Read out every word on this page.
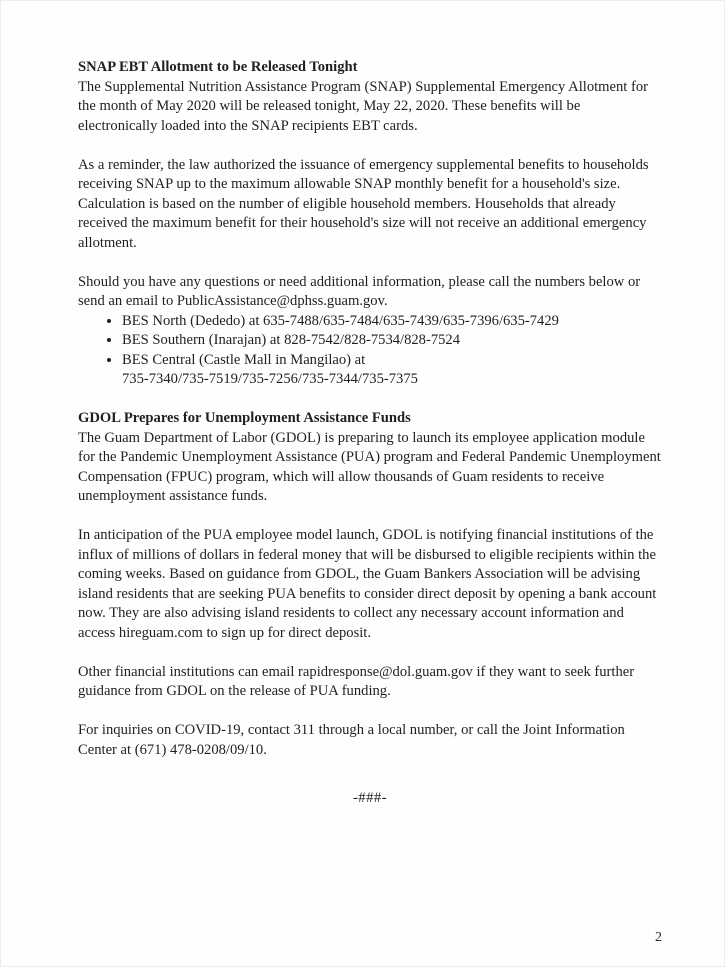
SNAP EBT Allotment to be Released Tonight

The Supplemental Nutrition Assistance Program (SNAP) Supplemental Emergency Allotment for the month of May 2020 will be released tonight, May 22, 2020. These benefits will be electronically loaded into the SNAP recipients EBT cards.

As a reminder, the law authorized the issuance of emergency supplemental benefits to households receiving SNAP up to the maximum allowable SNAP monthly benefit for a household's size. Calculation is based on the number of eligible household members. Households that already received the maximum benefit for their household's size will not receive an additional emergency allotment.

Should you have any questions or need additional information, please call the numbers below or send an email to PublicAssistance@dphss.guam.gov.

• BES North (Dededo) at 635-7488/635-7484/635-7439/635-7396/635-7429
• BES Southern (Inarajan) at 828-7542/828-7534/828-7524
• BES Central (Castle Mall in Mangilao) at
735-7340/735-7519/735-7256/735-7344/735-7375
GDOL Prepares for Unemployment Assistance Funds

The Guam Department of Labor (GDOL) is preparing to launch its employee application module for the Pandemic Unemployment Assistance (PUA) program and Federal Pandemic Unemployment Compensation (FPUC) program, which will allow thousands of Guam residents to receive unemployment assistance funds.

In anticipation of the PUA employee model launch, GDOL is notifying financial institutions of the influx of millions of dollars in federal money that will be disbursed to eligible recipients within the coming weeks. Based on guidance from GDOL, the Guam Bankers Association will be advising island residents that are seeking PUA benefits to consider direct deposit by opening a bank account now. They are also advising island residents to collect any necessary account information and access hireguam.com to sign up for direct deposit.

Other financial institutions can email rapidresponse@dol.guam.gov if they want to seek further guidance from GDOL on the release of PUA funding.

For inquiries on COVID-19, contact 311 through a local number, or call the Joint Information Center at (671) 478-0208/09/10.

-###-
2
